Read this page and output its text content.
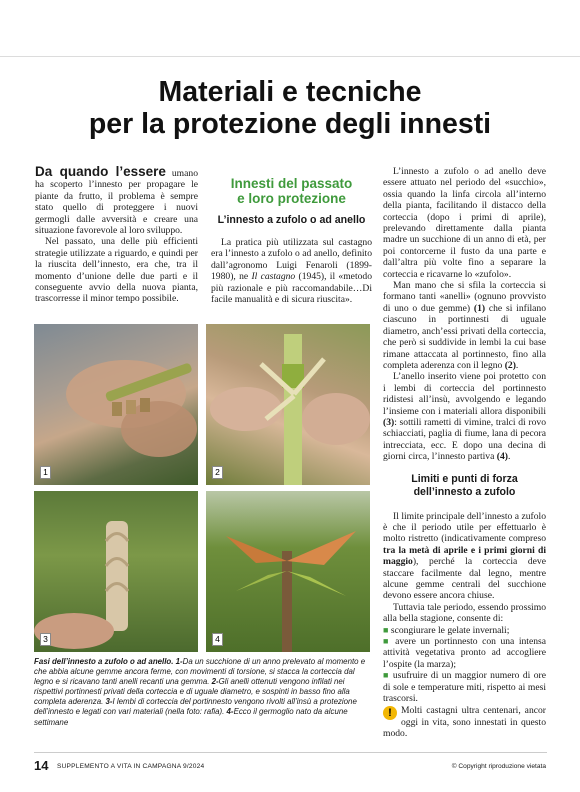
Materiali e tecniche
per la protezione degli innesti

Da quando l’essere umano ha scoperto l’innesto per propagare le piante da frutto, il problema è sempre stato quello di proteggere i nuovi germogli dalle avversità e creare una situazione favorevole al loro sviluppo.

Nel passato, una delle più efficienti strategie utilizzate a riguardo, e quindi per la riuscita dell’innesto, era che, tra il momento d’unione delle due parti e il conseguente avvio della nuova pianta, trascorresse il minor tempo possibile.

Innesti del passato
e loro protezione
L’innesto a zufolo o ad anello

La pratica più utilizzata sul castagno era l’innesto a zufolo o ad anello, definito dall’agronomo Luigi Fenaroli (1899-1980), ne Il castagno (1945), il «metodo più razionale e più raccomandabile…Di facile manualità e di sicura riuscita».

L’innesto a zufolo o ad anello deve essere attuato nel periodo del «succhio», ossia quando la linfa circola all’interno della pianta, facilitando il distacco della corteccia (dopo i primi di aprile), prelevando direttamente dalla pianta madre un succhione di un anno di età, per poi contorcerne il fusto da una parte e dall’altra più volte fino a separare la corteccia e ricavarne lo «zufolo».

Man mano che si sfila la corteccia si formano tanti «anelli» (ognuno provvisto di uno o due gemme) (1) che si infilano ciascuno in portinnesti di uguale diametro, anch’essi privati della corteccia, che però si suddivide in lembi la cui base rimane attaccata al portinnesto, fino alla completa aderenza con il legno (2).

L’anello inserito viene poi protetto con i lembi di corteccia del portinnesto ridistesi all’insù, avvolgendo e legando l’insieme con i materiali allora disponibili (3): sottili rametti di vimine, tralci di rovo schiacciati, paglia di fiume, lana di pecora intrecciata, ecc. E dopo una decina di giorni circa, l’innesto partiva (4).

Limiti e punti di forza
dell’innesto a zufolo

Il limite principale dell’innesto a zufolo è che il periodo utile per effettuarlo è molto ristretto (indicativamente compreso tra la metà di aprile e i primi giorni di maggio), perché la corteccia deve staccare facilmente dal legno, mentre alcune gemme centrali del succhione devono essere ancora chiuse.

Tuttavia tale periodo, essendo prossimo alla bella stagione, consente di:

■ scongiurare le gelate invernali;

■ avere un portinnesto con una intensa attività vegetativa pronto ad accogliere l’ospite (la marza);

■ usufruire di un maggior numero di ore di sole e temperature miti, rispetto ai mesi trascorsi.

! Molti castagni ultra centenari, ancor oggi in vita, sono innestati in questo modo.

1	2
3	4
Fasi dell’innesto a zufolo o ad anello. 1-Da un succhione di un anno prelevato al momento e che abbia alcune gemme ancora ferme, con movimenti di torsione, si stacca la corteccia dal legno e si ricavano tanti anelli recanti una gemma. 2-Gli anelli ottenuti vengono infilati nei rispettivi portinnesti privati della corteccia e di uguale diametro, e sospinti in basso fino alla completa aderenza. 3-I lembi di corteccia del portinnesto vengono rivolti all’insù a protezione dell’innesto e legati con vari materiali (nella foto: rafia). 4-Ecco il germoglio nato da alcune settimane
14 SUPPLEMENTO A VITA IN CAMPAGNA 9/2024	© Copyright riproduzione vietata
